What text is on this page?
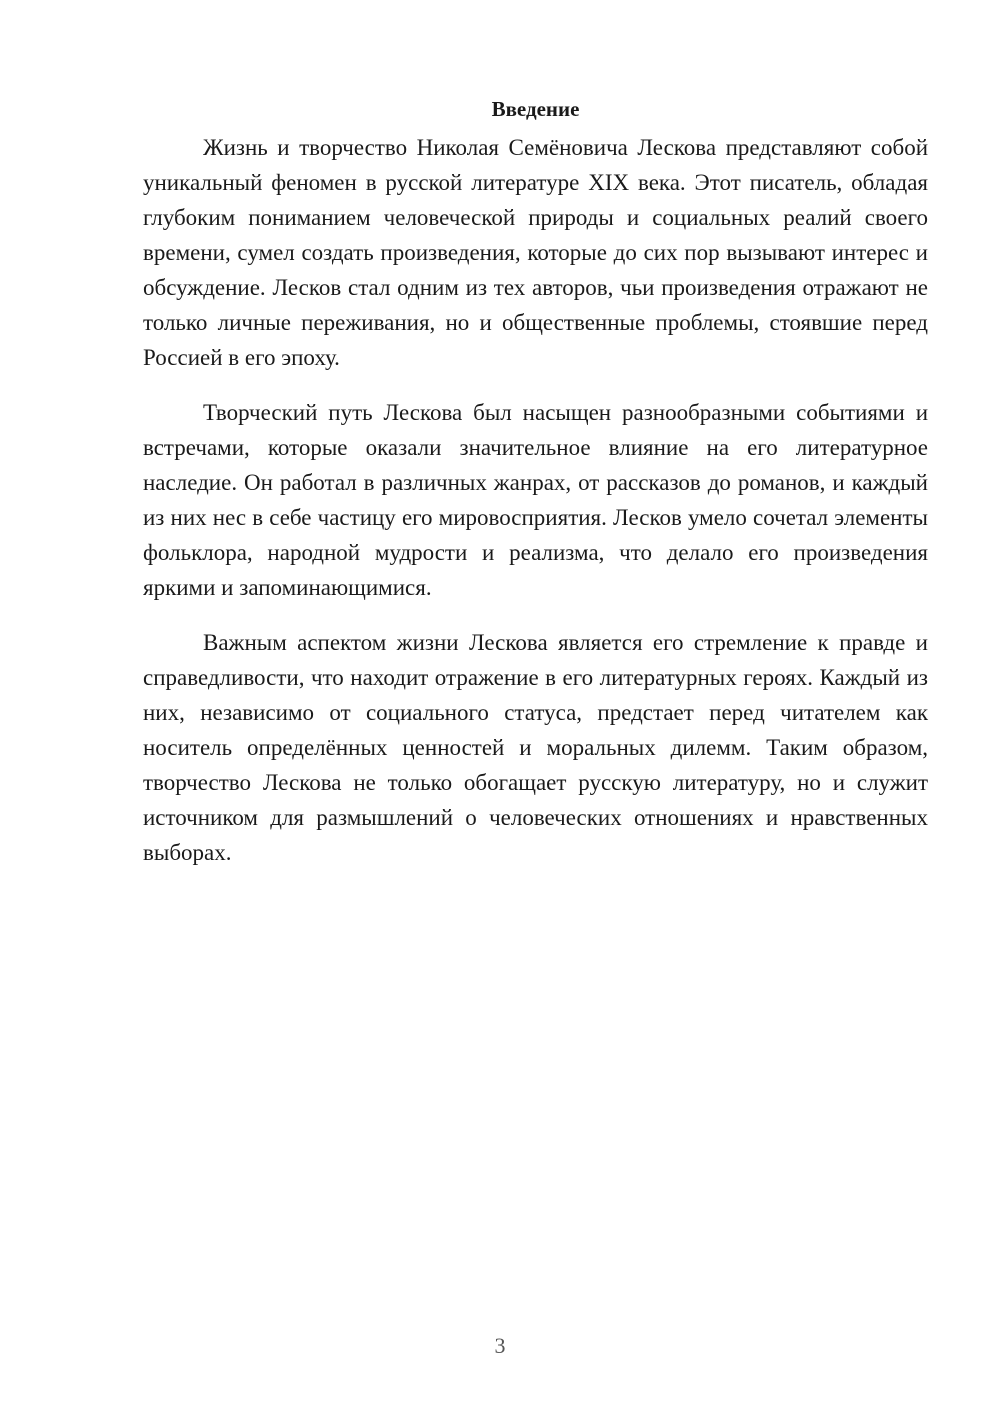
Введение

Жизнь и творчество Николая Семёновича Лескова представляют собой уникальный феномен в русской литературе XIX века. Этот писатель, обладая глубоким пониманием человеческой природы и социальных реалий своего времени, сумел создать произведения, которые до сих пор вызывают интерес и обсуждение. Лесков стал одним из тех авторов, чьи произведения отражают не только личные переживания, но и общественные проблемы, стоявшие перед Россией в его эпоху.

Творческий путь Лескова был насыщен разнообразными событиями и встречами, которые оказали значительное влияние на его литературное наследие. Он работал в различных жанрах, от рассказов до романов, и каждый из них нес в себе частицу его мировосприятия. Лесков умело сочетал элементы фольклора, народной мудрости и реализма, что делало его произведения яркими и запоминающимися.

Важным аспектом жизни Лескова является его стремление к правде и справедливости, что находит отражение в его литературных героях. Каждый из них, независимо от социального статуса, предстает перед читателем как носитель определённых ценностей и моральных дилемм. Таким образом, творчество Лескова не только обогащает русскую литературу, но и служит источником для размышлений о человеческих отношениях и нравственных выборах.

3
